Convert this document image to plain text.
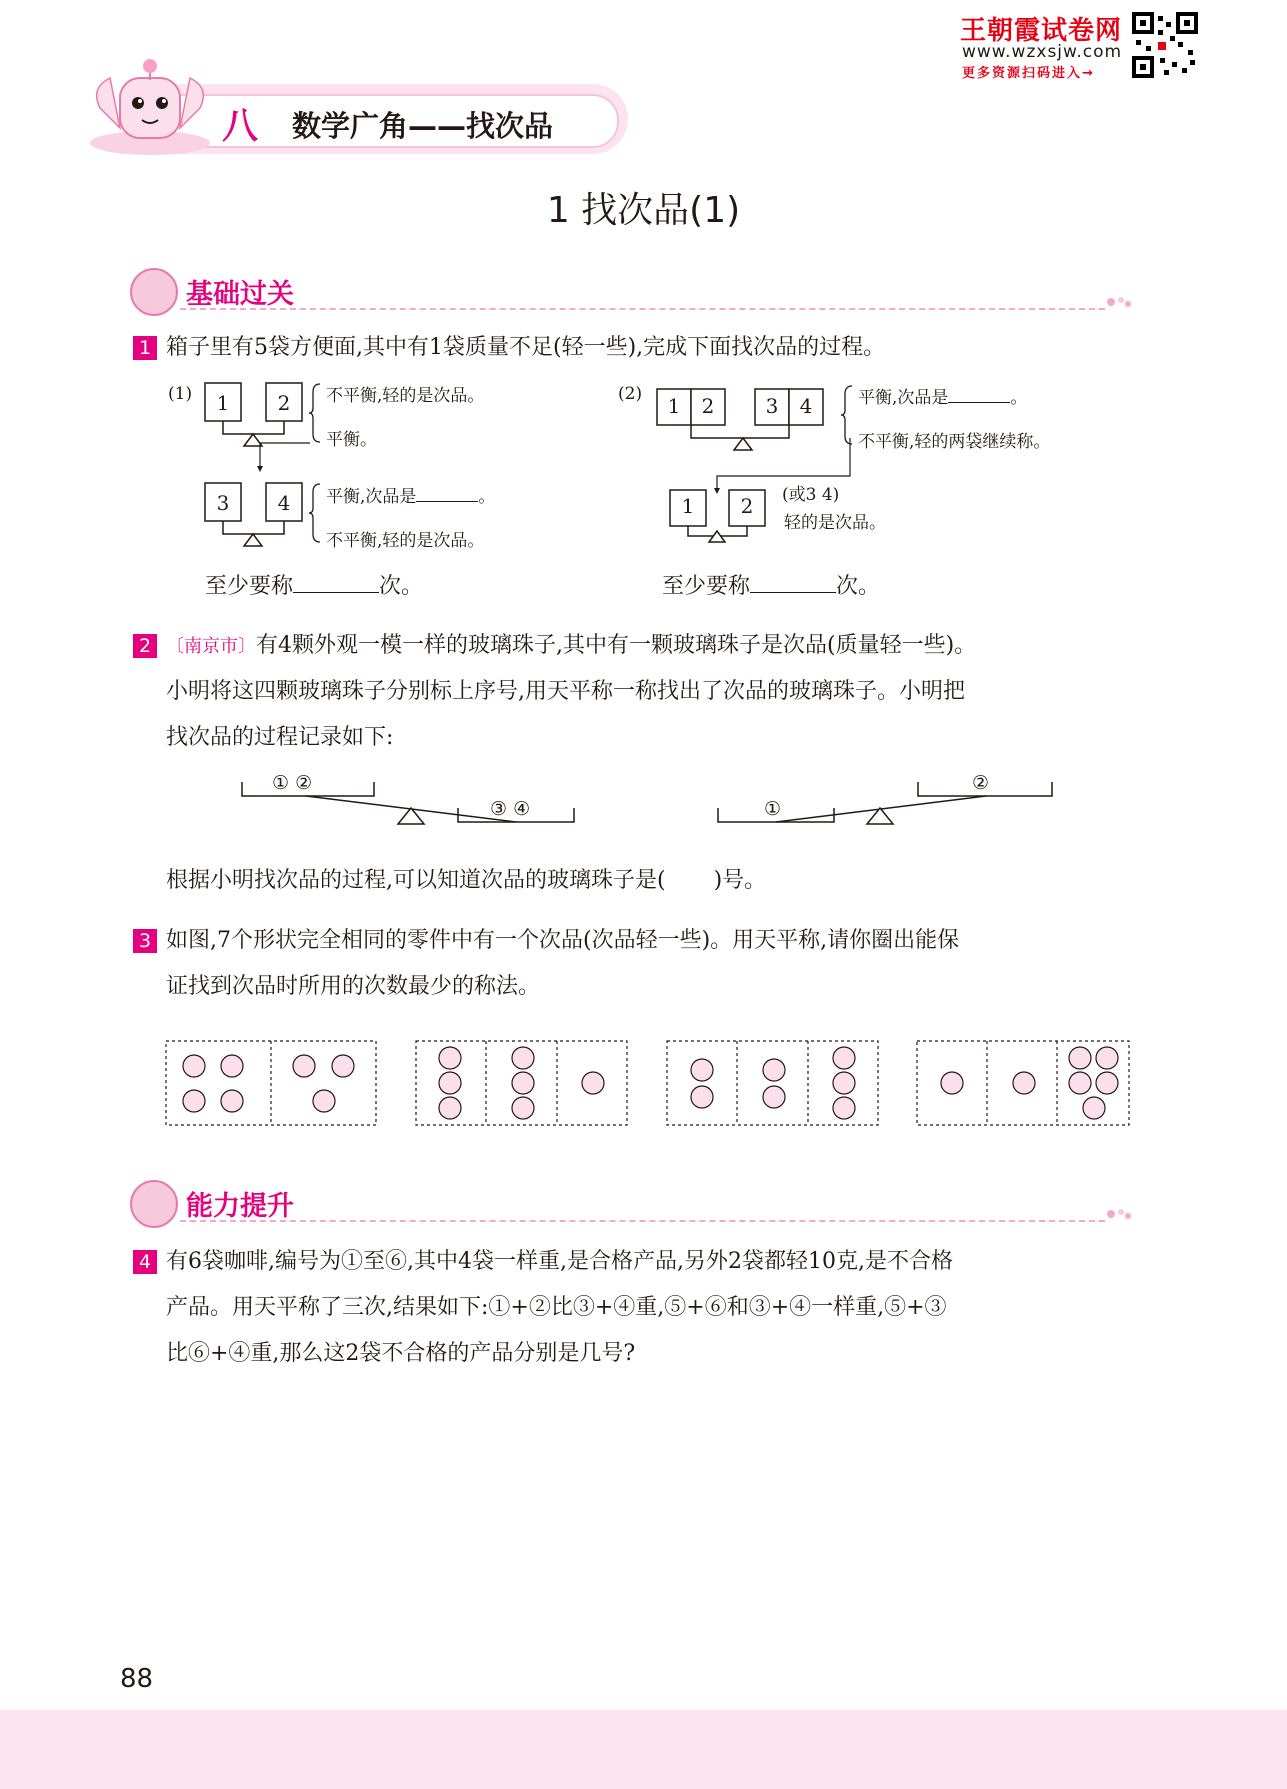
王朝霞试卷网
www.wzxsjw.com
更多资源扫码进入→
八 数学广角——找次品
1 找次品(1)
基础过关
1 箱子里有5袋方便面,其中有1袋质量不足(轻一些),完成下面找次品的过程。
(1)	1	2
3	4
不平衡,轻的是次品。
平衡。
平衡,次品是	。
不平衡,轻的是次品。
至少要称	次。
(2)	1	2	3	4
1	2
平衡,次品是	。
不平衡,轻的两袋继续称。
(或3 4)
轻的是次品。
至少要称	次。
2 〔南京市〕有4颗外观一模一样的玻璃珠子,其中有一颗玻璃珠子是次品(质量轻一些)。
小明将这四颗玻璃珠子分别标上序号,用天平称一称找出了次品的玻璃珠子。小明把
找次品的过程记录如下:
① ②
③ ④	①
②
根据小明找次品的过程,可以知道次品的玻璃珠子是( )号。
3 如图,7个形状完全相同的零件中有一个次品(次品轻一些)。用天平称,请你圈出能保
证找到次品时所用的次数最少的称法。
能力提升
4 有6袋咖啡,编号为①至⑥,其中4袋一样重,是合格产品,另外2袋都轻10克,是不合格
产品。用天平称了三次,结果如下:①+②比③+④重,⑤+⑥和③+④一样重,⑤+③
比⑥+④重,那么这2袋不合格的产品分别是几号?
88
